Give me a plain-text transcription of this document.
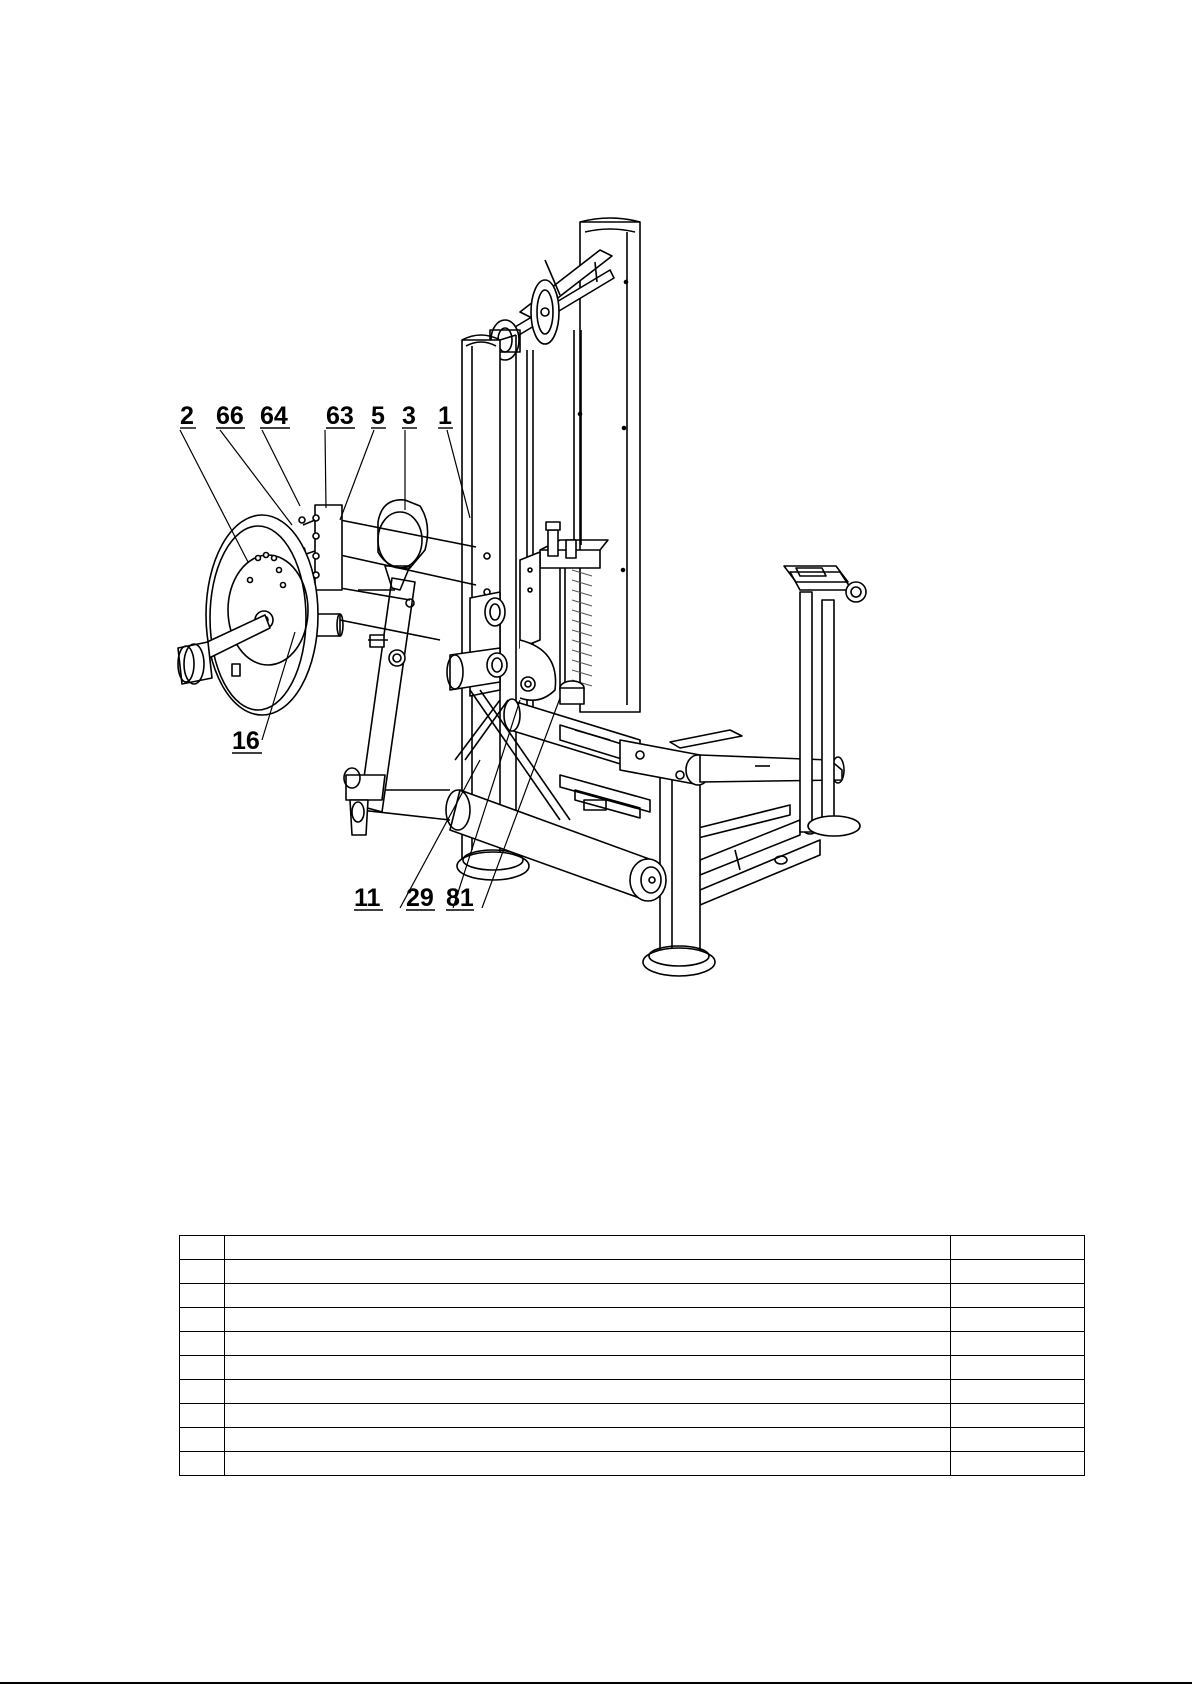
2 66 64 63 5 3 1
16
11 29 81
